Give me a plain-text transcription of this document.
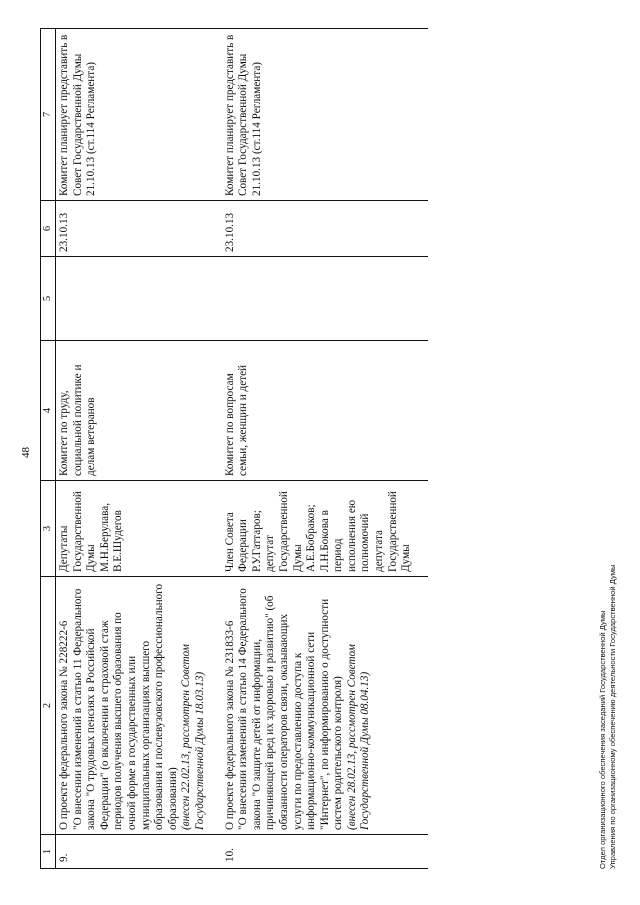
48
1	2	3	4	5	6	7
9.	О проекте федерального закона № 228222-6 "О внесении изменений в статью 11 Федерального закона "О трудовых пенсиях в Российской Федерации" (о включении в страховой стаж периодов получения высшего образования по очной форме в государственных или муниципальных организациях высшего образования и послевузовского профессионального образования) (внесен 22.02.13, рассмотрен Советом Государственной Думы 18.03.13)	Депутаты Государственной Думы М.Н.Берулава, В.Е.Шудегов	Комитет по труду, социальной политике и делам ветеранов		23.10.13	Комитет планирует представить в Совет Государственной Думы 21.10.13 (ст.114 Регламента)
10.	О проекте федерального закона № 231833-6 "О внесении изменений в статью 14 Федерального закона "О защите детей от информации, причиняющей вред их здоровью и развитию" (об обязанности операторов связи, оказывающих услуги по предоставлению доступа к информационно-коммуникационной сети "Интернет", по информированию о доступности систем родительского контроля) (внесен 28.02.13, рассмотрен Советом Государственной Думы 08.04.13)	Член Совета Федерации Р.У.Гаттаров; депутат Государственной Думы А.Е.Бобраков; Л.Н.Бокова в период исполнения ею полномочий депутата Государственной Думы	Комитет по вопросам семьи, женщин и детей		23.10.13	Комитет планирует представить в Совет Государственной Думы 21.10.13 (ст.114 Регламента)
Отдел организационного обеспечения заседаний Государственной Думы Управления по организационному обеспечению деятельности Государственной Думы
